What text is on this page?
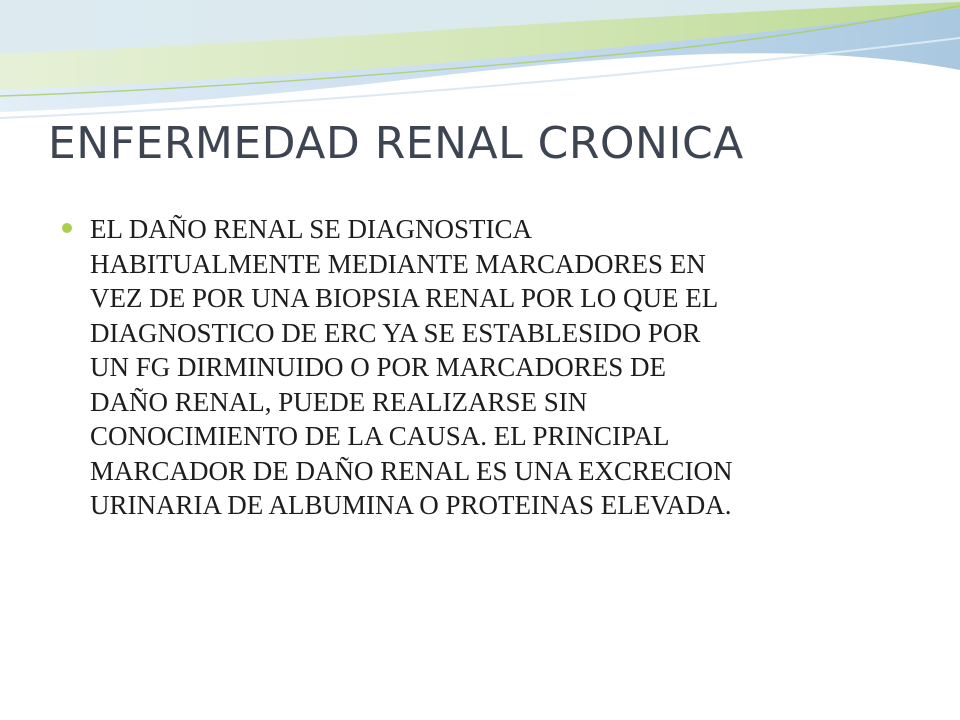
ENFERMEDAD RENAL CRONICA
EL DAÑO RENAL SE DIAGNOSTICA
HABITUALMENTE MEDIANTE MARCADORES EN
VEZ DE POR UNA BIOPSIA RENAL POR LO QUE EL
DIAGNOSTICO DE ERC YA SE ESTABLESIDO POR
UN FG DIRMINUIDO O POR MARCADORES DE
DAÑO RENAL, PUEDE REALIZARSE SIN
CONOCIMIENTO DE LA CAUSA. EL PRINCIPAL
MARCADOR DE DAÑO RENAL ES UNA EXCRECION
URINARIA DE ALBUMINA O PROTEINAS ELEVADA.
